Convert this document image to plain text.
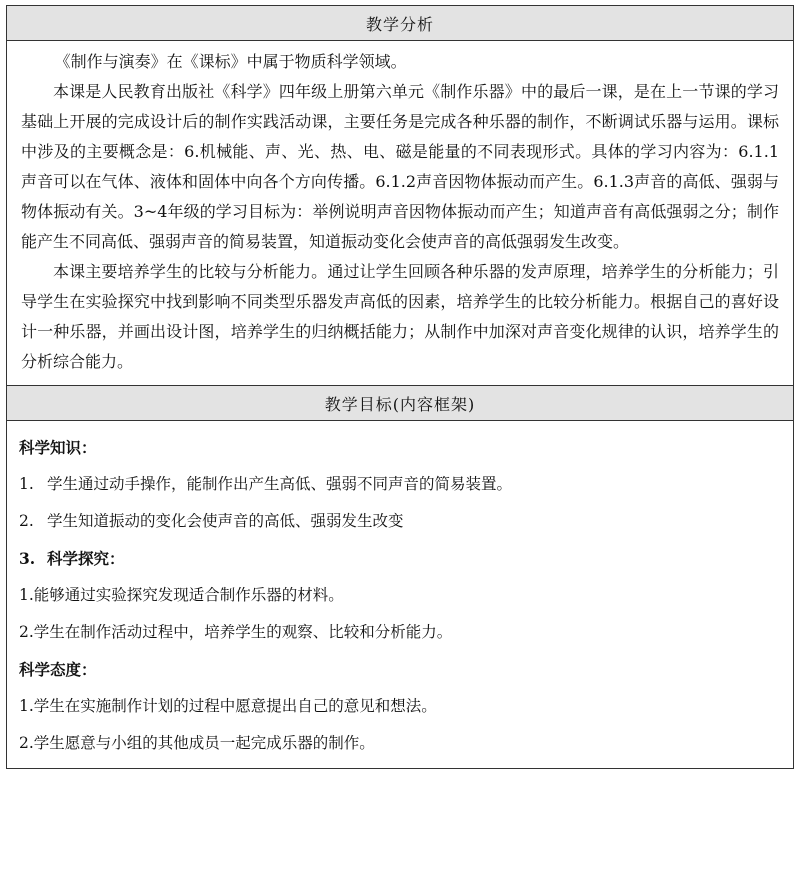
教学分析

《制作与演奏》在《课标》中属于物质科学领域。

本课是人民教育出版社《科学》四年级上册第六单元《制作乐器》中的最后一课，是在上一节课的学习基础上开展的完成设计后的制作实践活动课，主要任务是完成各种乐器的制作，不断调试乐器与运用。课标中涉及的主要概念是：6.机械能、声、光、热、电、磁是能量的不同表现形式。具体的学习内容为：6.1.1声音可以在气体、液体和固体中向各个方向传播。6.1.2声音因物体振动而产生。6.1.3声音的高低、强弱与物体振动有关。3~4年级的学习目标为：举例说明声音因物体振动而产生；知道声音有高低强弱之分；制作能产生不同高低、强弱声音的简易装置，知道振动变化会使声音的高低强弱发生改变。

本课主要培养学生的比较与分析能力。通过让学生回顾各种乐器的发声原理，培养学生的分析能力；引导学生在实验探究中找到影响不同类型乐器发声高低的因素，培养学生的比较分析能力。根据自己的喜好设计一种乐器，并画出设计图，培养学生的归纳概括能力；从制作中加深对声音变化规律的认识，培养学生的分析综合能力。

教学目标(内容框架)
科学知识：
1. 学生通过动手操作，能制作出产生高低、强弱不同声音的简易装置。
2. 学生知道振动的变化会使声音的高低、强弱发生改变
3. 科学探究：
1.能够通过实验探究发现适合制作乐器的材料。
2.学生在制作活动过程中，培养学生的观察、比较和分析能力。
科学态度：
1.学生在实施制作计划的过程中愿意提出自己的意见和想法。
2.学生愿意与小组的其他成员一起完成乐器的制作。
